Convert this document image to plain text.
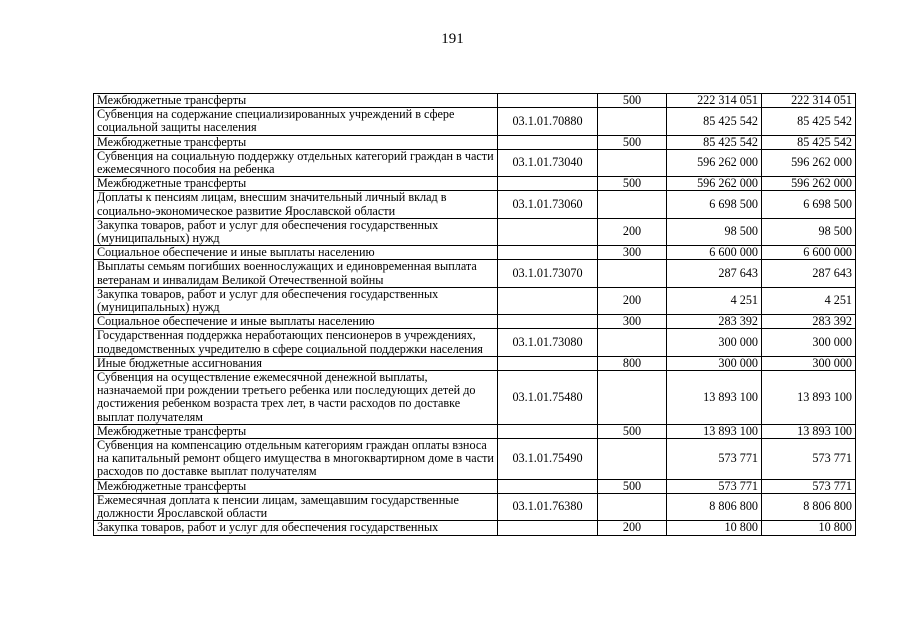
191
Межбюджетные трансферты		500	222 314 051	222 314 051
Субвенция на содержание специализированных учреждений в сфере социальной защиты населения	03.1.01.70880		85 425 542	85 425 542
Межбюджетные трансферты		500	85 425 542	85 425 542
Субвенция на социальную поддержку отдельных категорий граждан в части ежемесячного пособия на ребенка	03.1.01.73040		596 262 000	596 262 000
Межбюджетные трансферты		500	596 262 000	596 262 000
Доплаты к пенсиям лицам, внесшим значительный личный вклад в социально-экономическое развитие Ярославской области	03.1.01.73060		6 698 500	6 698 500
Закупка товаров, работ и услуг для обеспечения государственных (муниципальных) нужд		200	98 500	98 500
Социальное обеспечение и иные выплаты населению		300	6 600 000	6 600 000
Выплаты семьям погибших военнослужащих и единовременная выплата ветеранам и инвалидам Великой Отечественной войны	03.1.01.73070		287 643	287 643
Закупка товаров, работ и услуг для обеспечения государственных (муниципальных) нужд		200	4 251	4 251
Социальное обеспечение и иные выплаты населению		300	283 392	283 392
Государственная поддержка неработающих пенсионеров в учреждениях, подведомственных учредителю в сфере социальной поддержки населения	03.1.01.73080		300 000	300 000
Иные бюджетные ассигнования		800	300 000	300 000
Субвенция на осуществление ежемесячной денежной выплаты, назначаемой при рождении третьего ребенка или последующих детей до достижения ребенком возраста трех лет, в части расходов по доставке выплат получателям	03.1.01.75480		13 893 100	13 893 100
Межбюджетные трансферты		500	13 893 100	13 893 100
Субвенция на компенсацию отдельным категориям граждан оплаты взноса на капитальный ремонт общего имущества в многоквартирном доме в части расходов по доставке выплат получателям	03.1.01.75490		573 771	573 771
Межбюджетные трансферты		500	573 771	573 771
Ежемесячная доплата к пенсии лицам, замещавшим государственные должности Ярославской области	03.1.01.76380		8 806 800	8 806 800
Закупка товаров, работ и услуг для обеспечения государственных		200	10 800	10 800
